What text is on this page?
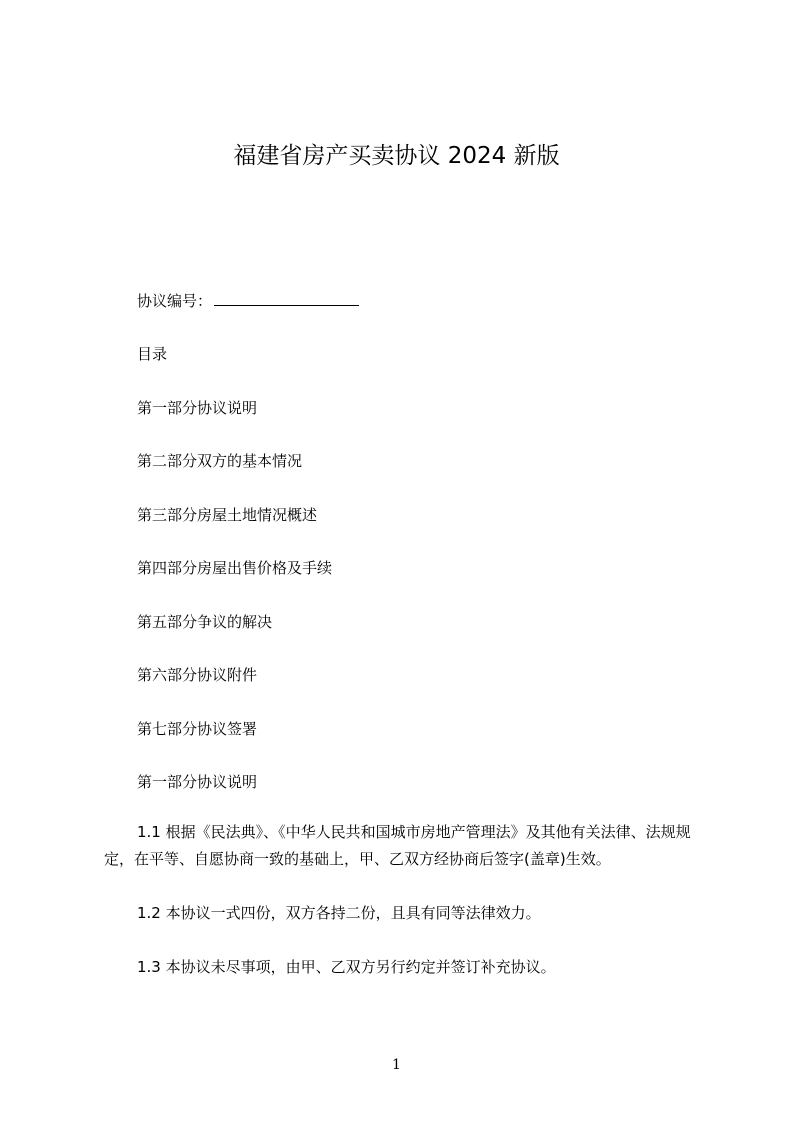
福建省房产买卖协议 2024 新版
协议编号：
目录
第一部分协议说明
第二部分双方的基本情况
第三部分房屋土地情况概述
第四部分房屋出售价格及手续
第五部分争议的解决
第六部分协议附件
第七部分协议签署
第一部分协议说明
1.1 根据《民法典》、《中华人民共和国城市房地产管理法》及其他有关法律、法规规定，在平等、自愿协商一致的基础上，甲、乙双方经协商后签字(盖章)生效。
1.2 本协议一式四份，双方各持二份，且具有同等法律效力。
1.3 本协议未尽事项，由甲、乙双方另行约定并签订补充协议。
1
